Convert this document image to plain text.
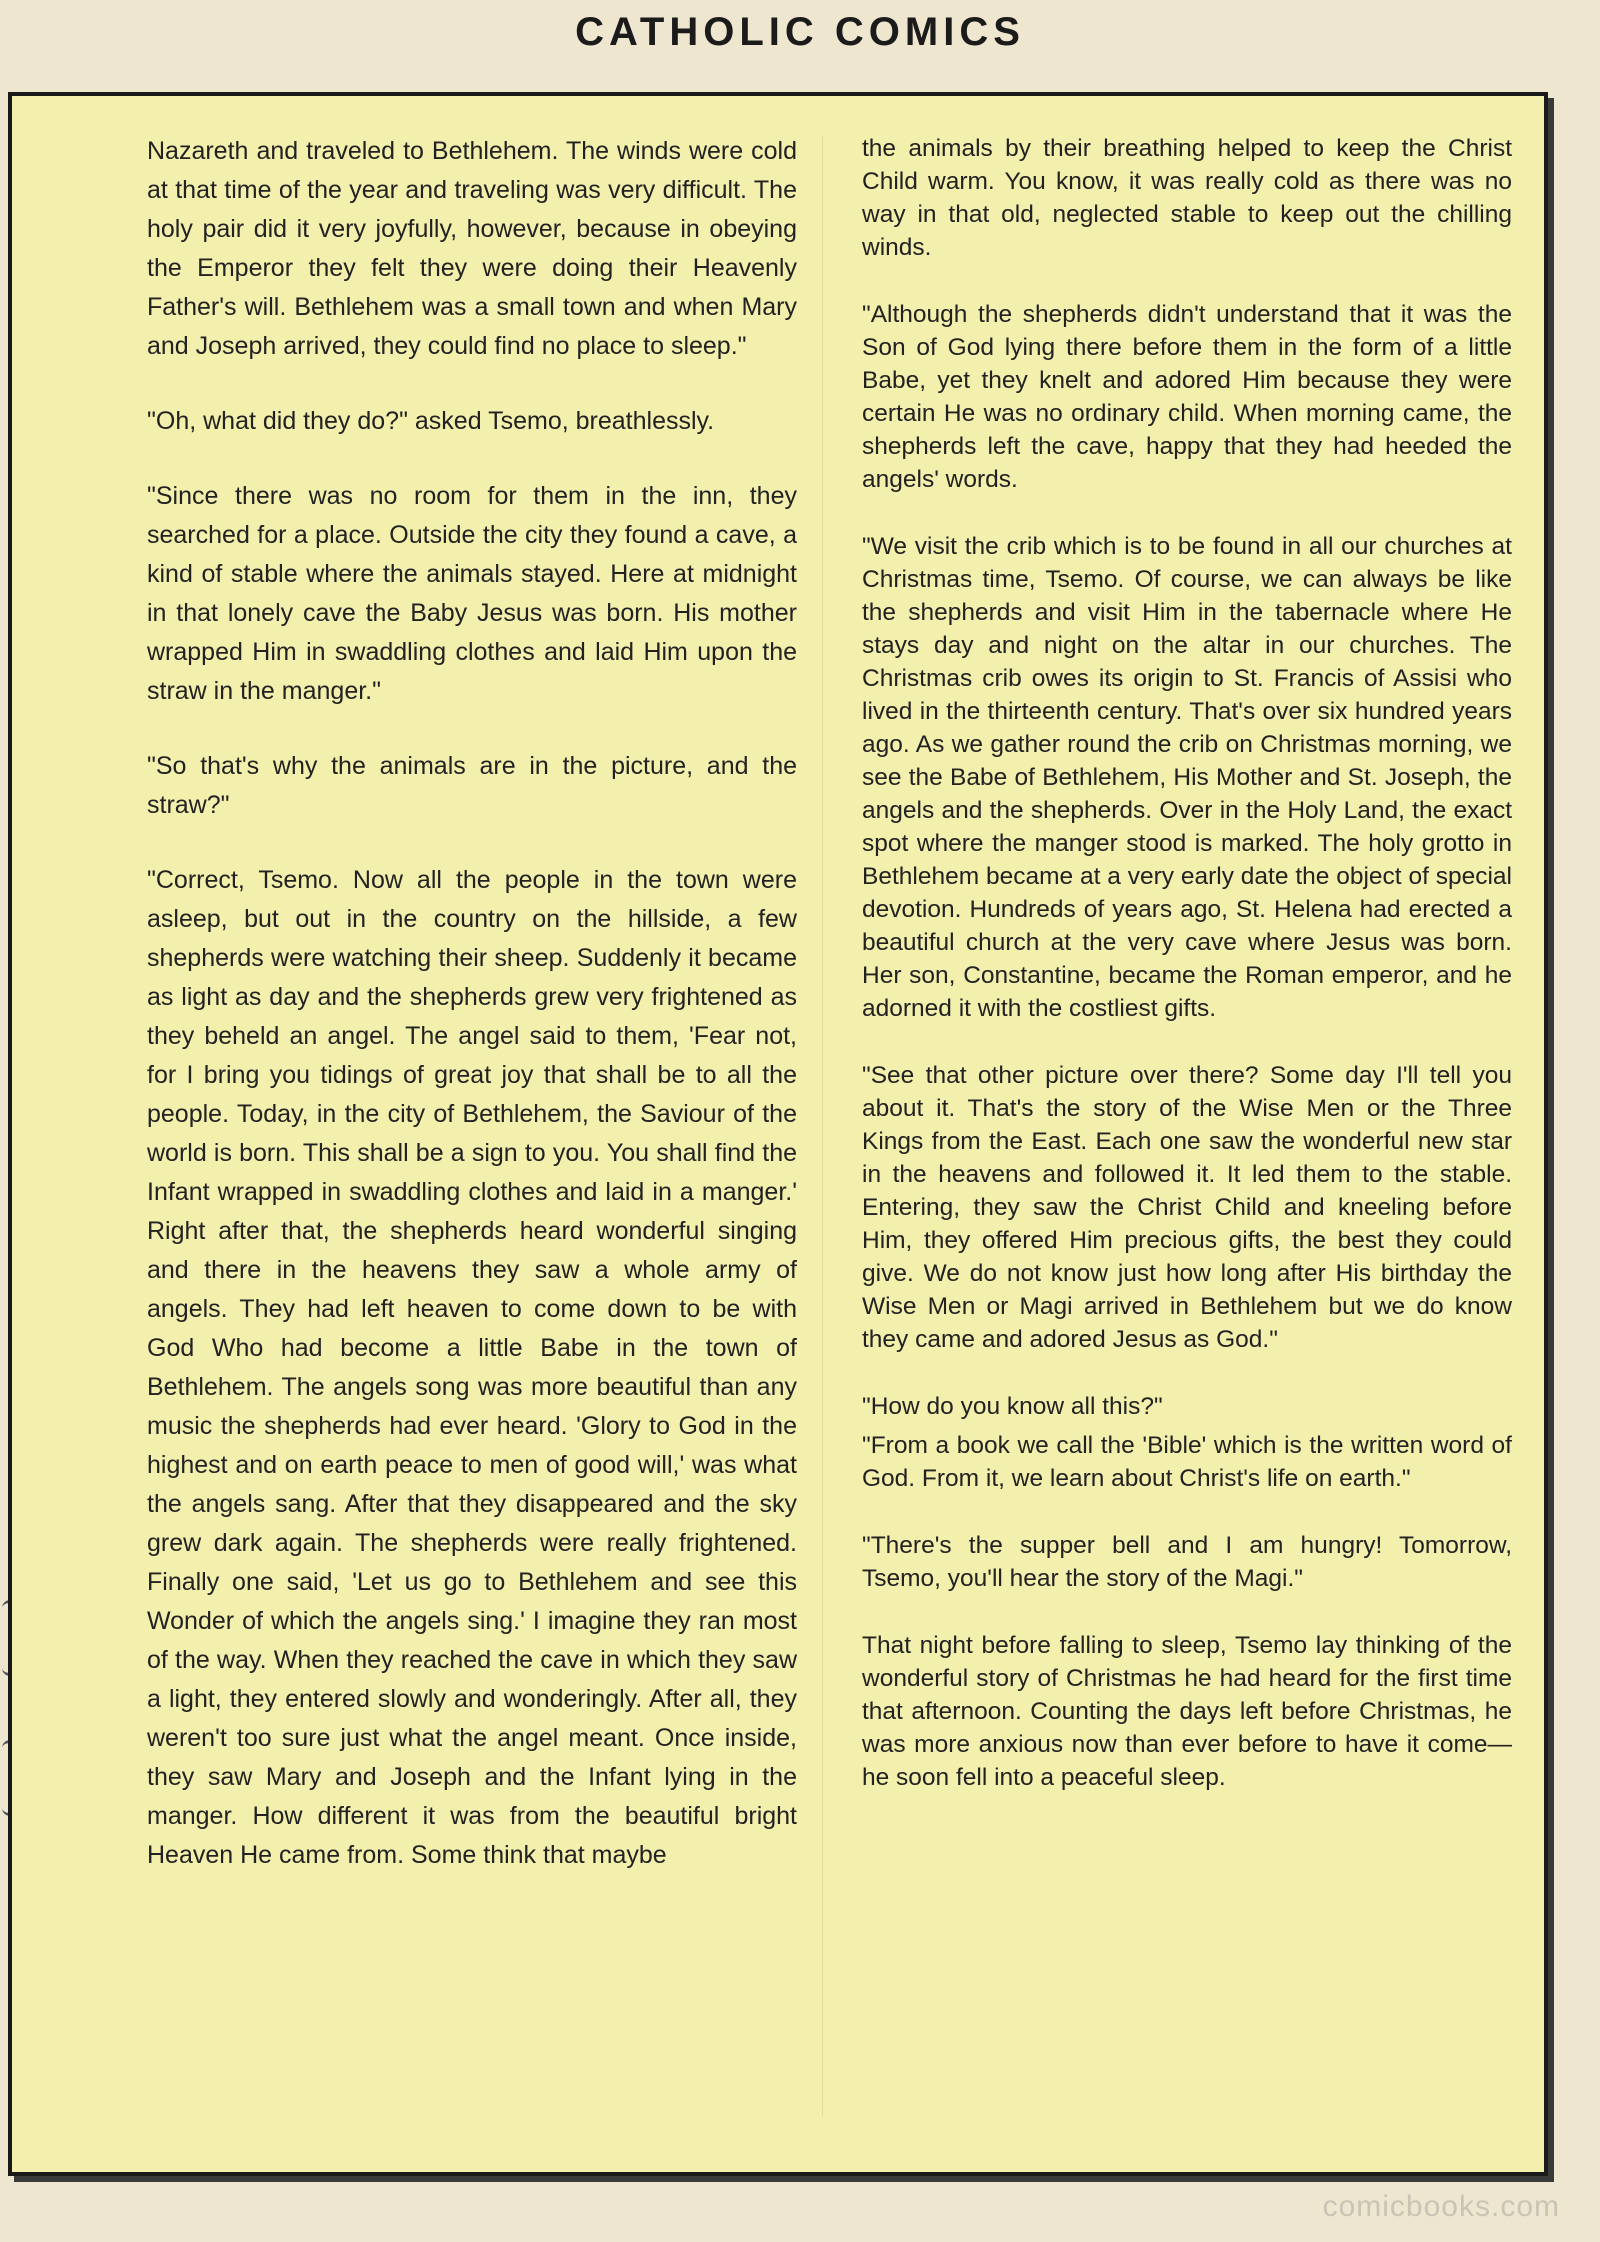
CATHOLIC COMICS

Nazareth and traveled to Bethlehem. The winds were cold at that time of the year and traveling was very difficult. The holy pair did it very joyfully, however, because in obeying the Emperor they felt they were doing their Heavenly Father's will. Bethlehem was a small town and when Mary and Joseph arrived, they could find no place to sleep."

"Oh, what did they do?" asked Tsemo, breathlessly.

"Since there was no room for them in the inn, they searched for a place. Outside the city they found a cave, a kind of stable where the animals stayed. Here at midnight in that lonely cave the Baby Jesus was born. His mother wrapped Him in swaddling clothes and laid Him upon the straw in the manger."

"So that's why the animals are in the picture, and the straw?"

"Correct, Tsemo. Now all the people in the town were asleep, but out in the country on the hillside, a few shepherds were watching their sheep. Suddenly it became as light as day and the shepherds grew very frightened as they beheld an angel. The angel said to them, 'Fear not, for I bring you tidings of great joy that shall be to all the people. Today, in the city of Bethlehem, the Saviour of the world is born. This shall be a sign to you. You shall find the Infant wrapped in swaddling clothes and laid in a manger.' Right after that, the shepherds heard wonderful singing and there in the heavens they saw a whole army of angels. They had left heaven to come down to be with God Who had become a little Babe in the town of Bethlehem. The angels song was more beautiful than any music the shepherds had ever heard. 'Glory to God in the highest and on earth peace to men of good will,' was what the angels sang. After that they disappeared and the sky grew dark again. The shepherds were really frightened. Finally one said, 'Let us go to Bethlehem and see this Wonder of which the angels sing.' I imagine they ran most of the way. When they reached the cave in which they saw a light, they entered slowly and wonderingly. After all, they weren't too sure just what the angel meant. Once inside, they saw Mary and Joseph and the Infant lying in the manger. How different it was from the beautiful bright Heaven He came from. Some think that maybe

the animals by their breathing helped to keep the Christ Child warm. You know, it was really cold as there was no way in that old, neglected stable to keep out the chilling winds.

"Although the shepherds didn't understand that it was the Son of God lying there before them in the form of a little Babe, yet they knelt and adored Him because they were certain He was no ordinary child. When morning came, the shepherds left the cave, happy that they had heeded the angels' words.

"We visit the crib which is to be found in all our churches at Christmas time, Tsemo. Of course, we can always be like the shepherds and visit Him in the tabernacle where He stays day and night on the altar in our churches. The Christmas crib owes its origin to St. Francis of Assisi who lived in the thirteenth century. That's over six hundred years ago. As we gather round the crib on Christmas morning, we see the Babe of Bethlehem, His Mother and St. Joseph, the angels and the shepherds. Over in the Holy Land, the exact spot where the manger stood is marked. The holy grotto in Bethlehem became at a very early date the object of special devotion. Hundreds of years ago, St. Helena had erected a beautiful church at the very cave where Jesus was born. Her son, Constantine, became the Roman emperor, and he adorned it with the costliest gifts.

"See that other picture over there? Some day I'll tell you about it. That's the story of the Wise Men or the Three Kings from the East. Each one saw the wonderful new star in the heavens and followed it. It led them to the stable. Entering, they saw the Christ Child and kneeling before Him, they offered Him precious gifts, the best they could give. We do not know just how long after His birthday the Wise Men or Magi arrived in Bethlehem but we do know they came and adored Jesus as God."

"How do you know all this?"

"From a book we call the 'Bible' which is the written word of God. From it, we learn about Christ's life on earth."

"There's the supper bell and I am hungry! Tomorrow, Tsemo, you'll hear the story of the Magi."

That night before falling to sleep, Tsemo lay thinking of the wonderful story of Christmas he had heard for the first time that afternoon. Counting the days left before Christmas, he was more anxious now than ever before to have it come—he soon fell into a peaceful sleep.

comicbooks.com
